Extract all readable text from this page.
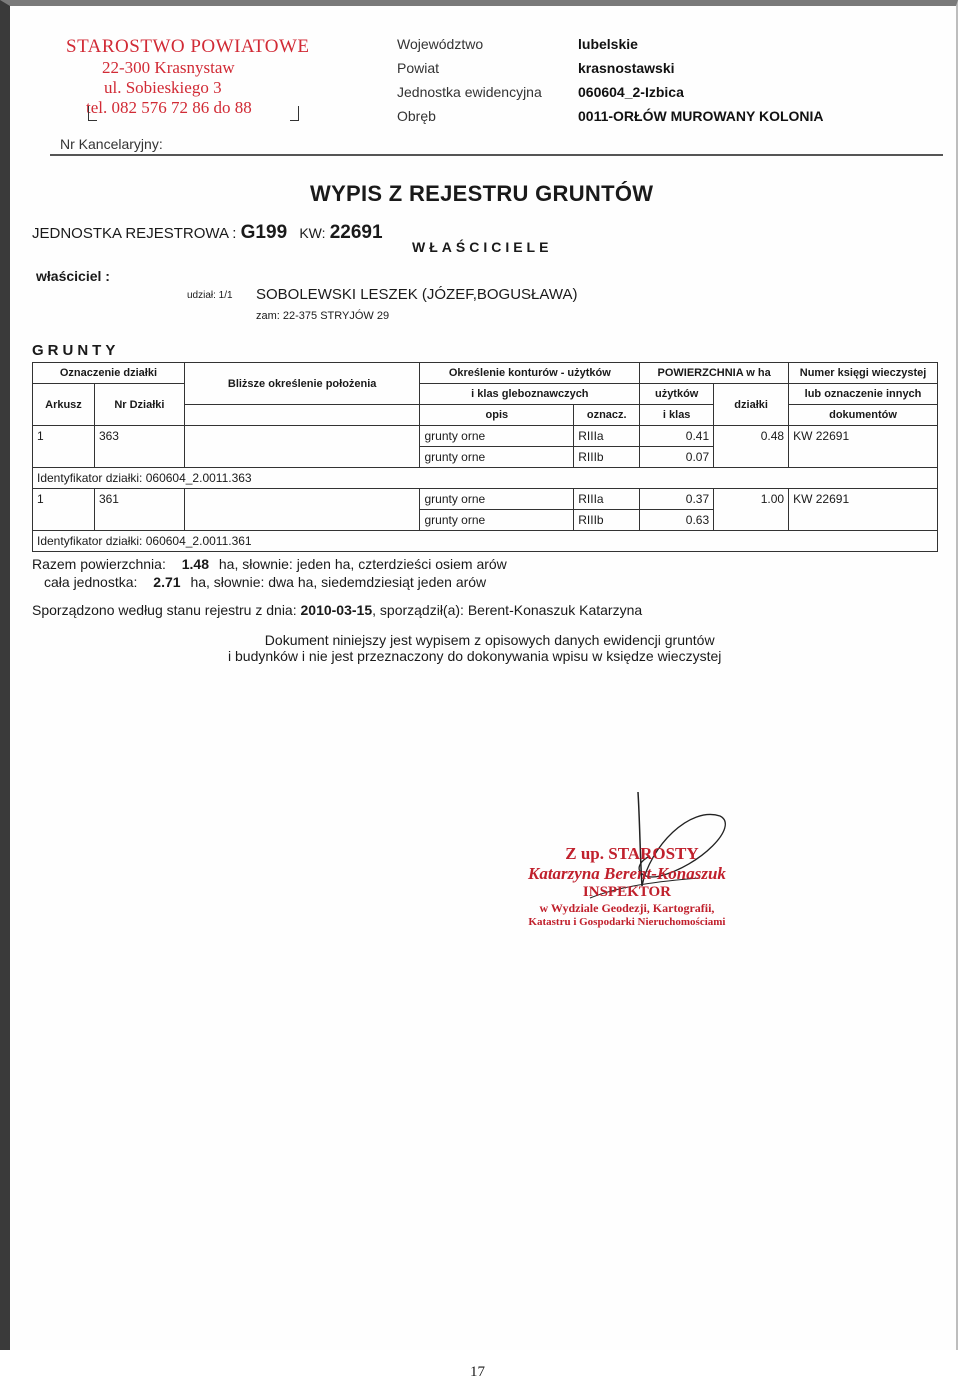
STAROSTWO POWIATOWE
22-300 Krasnystaw
ul. Sobieskiego 3
tel. 082 576 72 86 do 88
Nr Kancelaryjny:
Województwo	lubelskie
Powiat	krasnostawski
Jednostka ewidencyjna	060604_2-Izbica
Obręb	0011-ORŁÓW MUROWANY KOLONIA
WYPIS Z REJESTRU GRUNTÓW
JEDNOSTKA REJESTROWA : G199 KW: 22691
WŁAŚCICIELE
właściciel :
udział: 1/1 SOBOLEWSKI LESZEK (JÓZEF,BOGUSŁAWA)
zam: 22-375 STRYJÓW 29
GRUNTY
Oznaczenie działki		Bliższe określenie położenia	Określenie konturów - użytków		POWIERZCHNIA w ha		Numer księgi wieczystej
Arkusz	Nr Działki		i klas gleboznawczych		użytków	działki	lub oznaczenie innych
			opis	oznacz.	i klas		dokumentów
1	363		grunty orne	RIIIa	0.41	0.48	KW 22691
			grunty orne	RIIIb	0.07		
Identyfikator działki: 060604_2.0011.363							
1	361		grunty orne	RIIIa	0.37	1.00	KW 22691
			grunty orne	RIIIb	0.63		
Identyfikator działki: 060604_2.0011.361							
Razem powierzchnia: 1.48 ha, słownie: jeden ha, czterdzieści osiem arów
cała jednostka: 2.71 ha, słownie: dwa ha, siedemdziesiąt jeden arów
Sporządzono według stanu rejestru z dnia: 2010-03-15, sporządził(a): Berent-Konaszuk Katarzyna
Dokument niniejszy jest wypisem z opisowych danych ewidencji gruntów
i budynków i nie jest przeznaczony do dokonywania wpisu w księdze wieczystej
Z up. STAROSTY
Katarzyna Berent-Konaszuk
INSPEKTOR
w Wydziale Geodezji, Kartografii,
Katastru i Gospodarki Nieruchomościami
17
